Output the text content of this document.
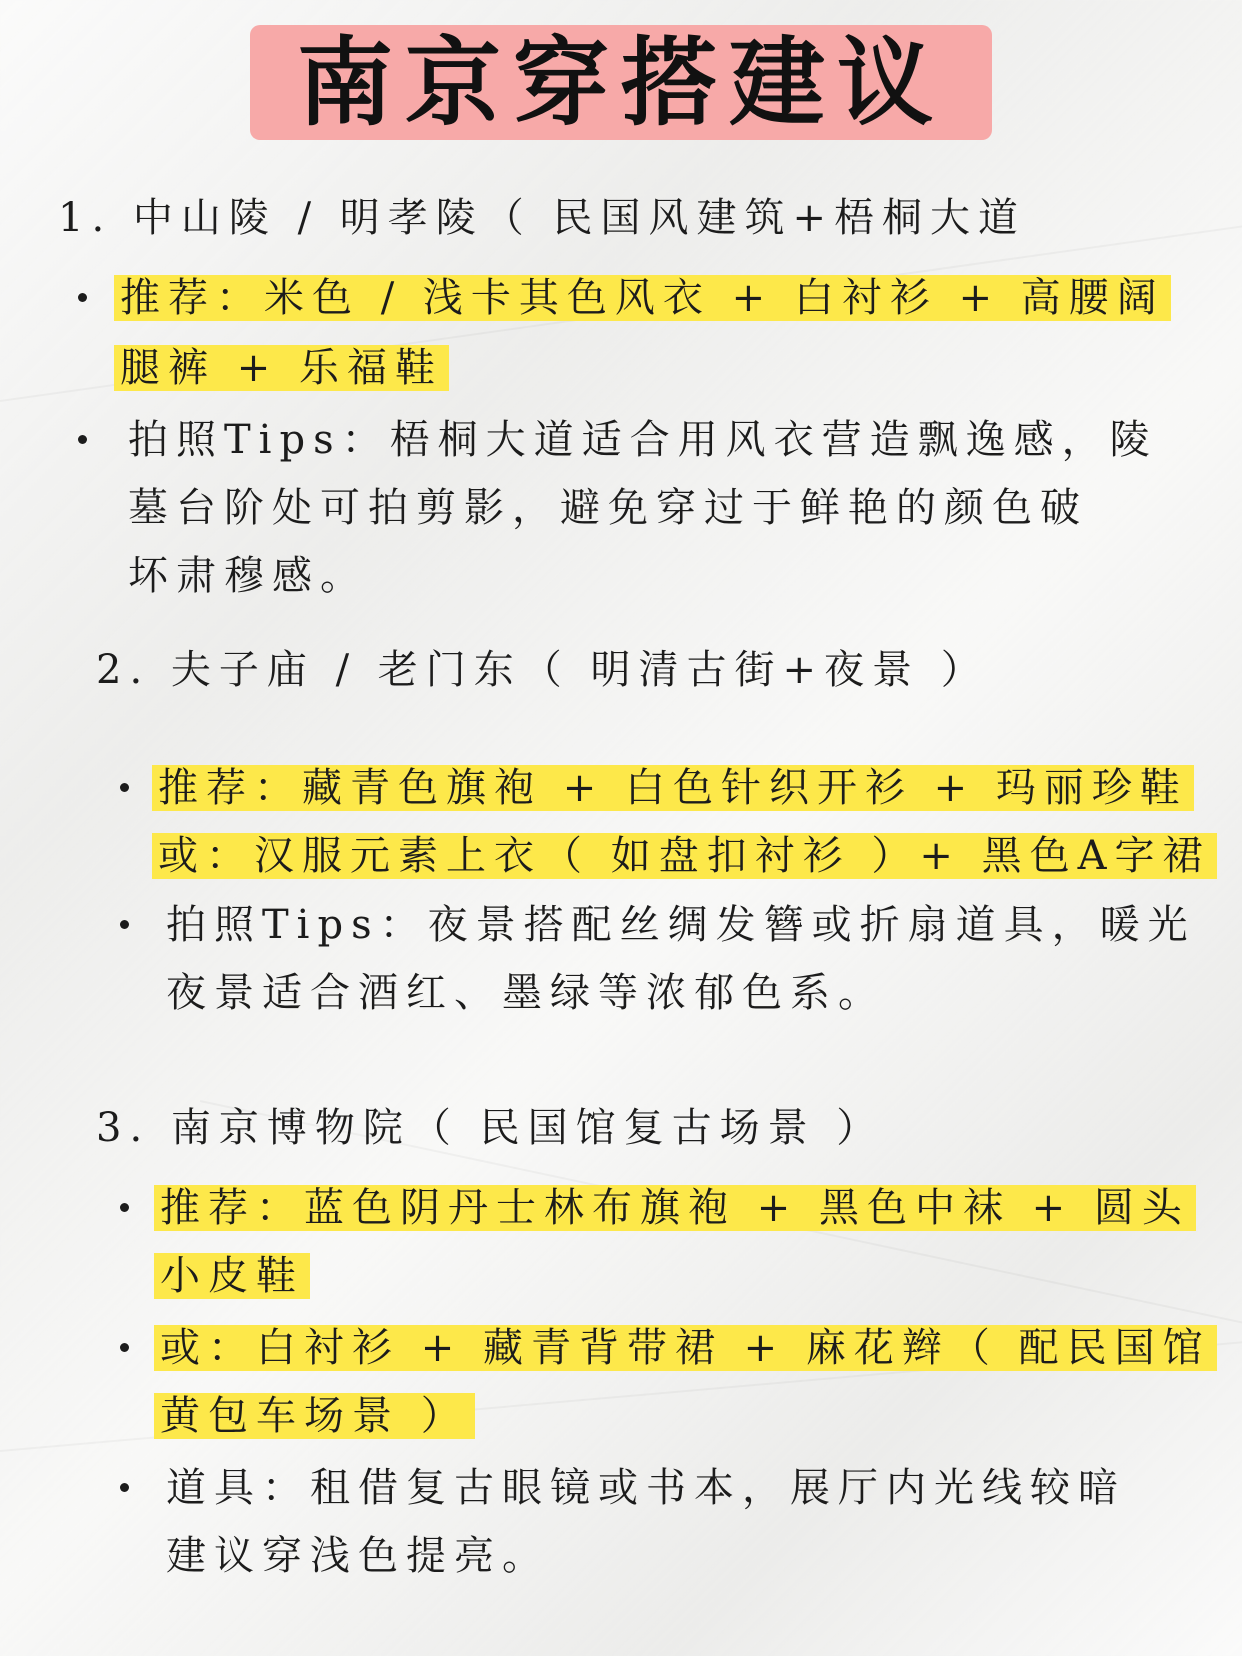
南京穿搭建议
1. 中山陵 / 明孝陵（ 民国风建筑+梧桐大道
推荐：米色 / 浅卡其色风衣 + 白衬衫 + 高腰阔
腿裤 + 乐福鞋
拍照Tips：梧桐大道适合用风衣营造飘逸感，陵
墓台阶处可拍剪影，避免穿过于鲜艳的颜色破
坏肃穆感。
2. 夫子庙 / 老门东（ 明清古街+夜景 ）
推荐：藏青色旗袍 + 白色针织开衫 + 玛丽珍鞋
或：汉服元素上衣（ 如盘扣衬衫 ）+ 黑色A字裙
拍照Tips：夜景搭配丝绸发簪或折扇道具，暖光
夜景适合酒红、墨绿等浓郁色系。
3. 南京博物院（ 民国馆复古场景 ）
推荐：蓝色阴丹士林布旗袍 + 黑色中袜 + 圆头
小皮鞋
或：白衬衫 + 藏青背带裙 + 麻花辫（ 配民国馆
黄包车场景 ）
道具：租借复古眼镜或书本，展厅内光线较暗
建议穿浅色提亮。
